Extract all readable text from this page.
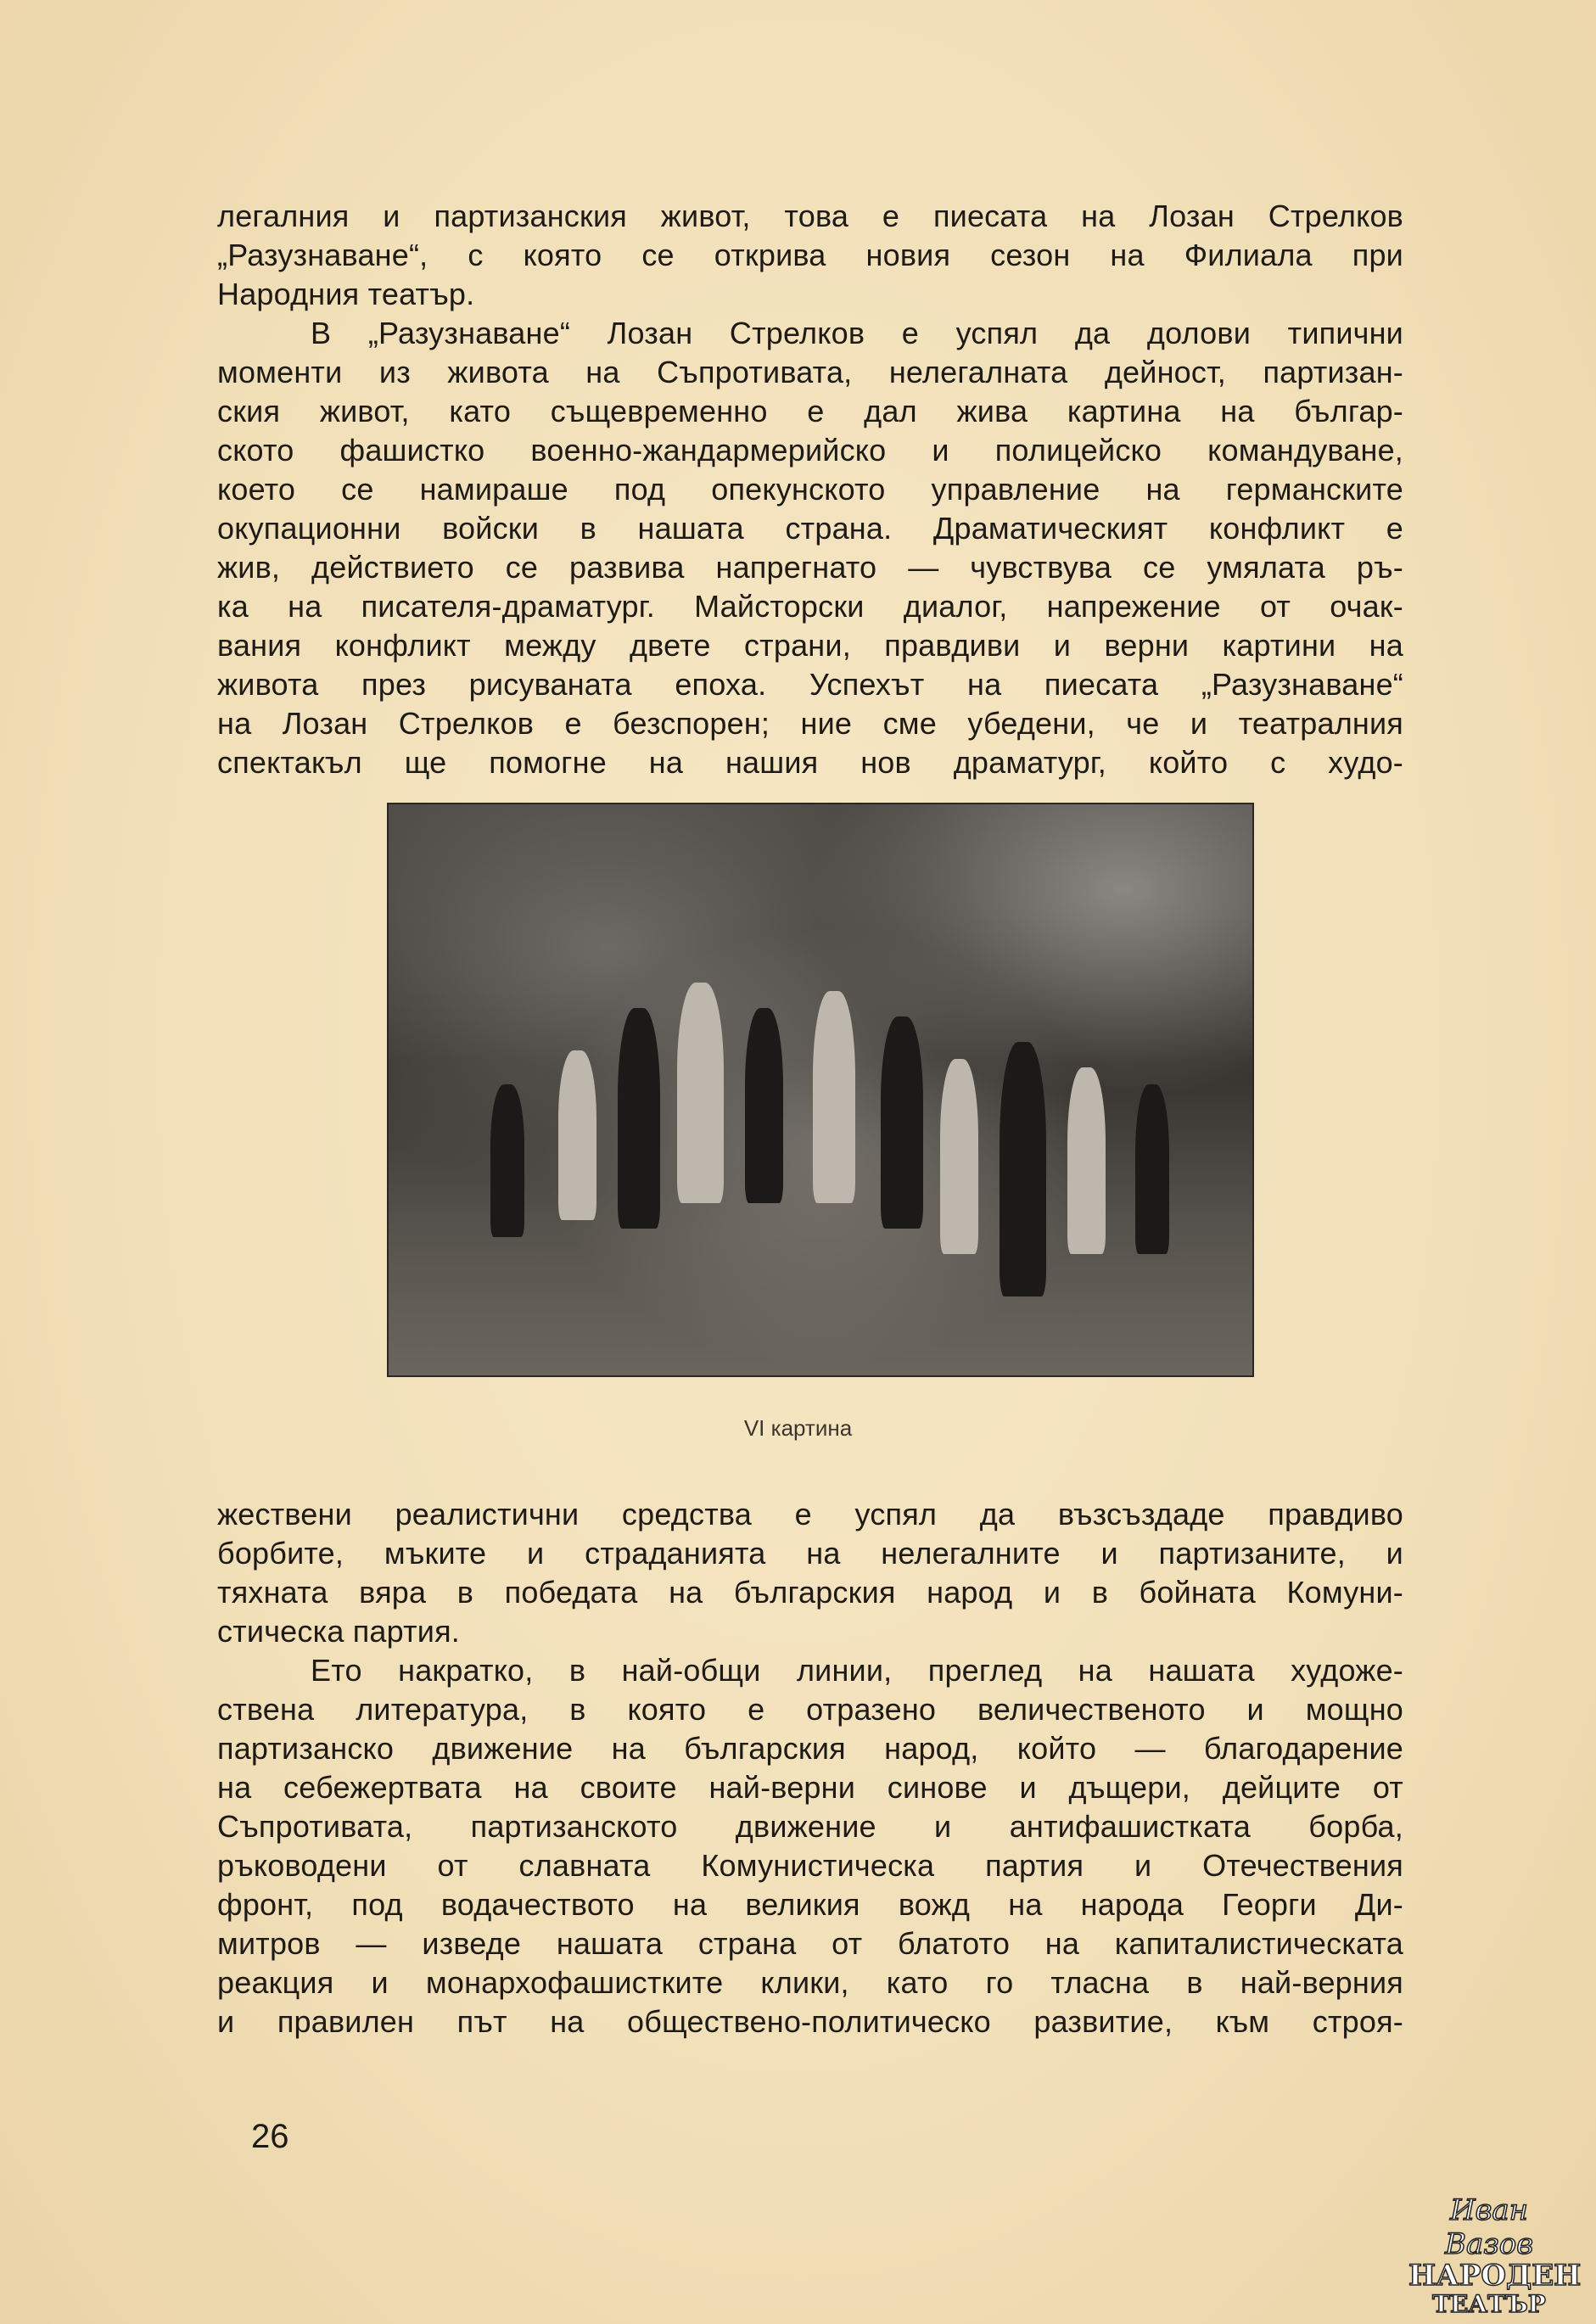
легалния и партизанския живот, това е пиесата на Лозан Стрелков
„Разузнаване“, с която се открива новия сезон на Филиала при
Народния театър.
В „Разузнаване“ Лозан Стрелков е успял да долови типични
моменти из живота на Съпротивата, нелегалната дейност, партизан-
ския живот, като същевременно е дал жива картина на българ-
ското фашистко военно-жандармерийско и полицейско командуване,
което се намираше под опекунското управление на германските
окупационни войски в нашата страна. Драматическият конфликт е
жив, действието се развива напрегнато — чувствува се умялата ръ-
ка на писателя-драматург. Майсторски диалог, напрежение от очак-
вания конфликт между двете страни, правдиви и верни картини на
живота през рисуваната епоха. Успехът на пиесата „Разузнаване“
на Лозан Стрелков е безспорен; ние сме убедени, че и театралния
спектакъл ще помогне на нашия нов драматург, който с худо-
VI картина
жествени реалистични средства е успял да възсъздаде правдиво
борбите, мъките и страданията на нелегалните и партизаните, и
тяхната вяра в победата на българския народ и в бойната Комуни-
стическа партия.
Ето накратко, в най-общи линии, преглед на нашата художе-
ствена литература, в която е отразено величественото и мощно
партизанско движение на българския народ, който — благодарение
на себежертвата на своите най-верни синове и дъщери, дейците от
Съпротивата, партизанското движение и антифашистката борба,
ръководени от славната Комунистическа партия и Отечествения
фронт, под водачеството на великия вожд на народа Георги Ди-
митров — изведе нашата страна от блатото на капиталистическата
реакция и монархофашистките клики, като го тласна в най-верния
и правилен път на обществено-политическо развитие, към строя-
26
Иван Вазов
НАРОДЕН
ТЕАТЪР
